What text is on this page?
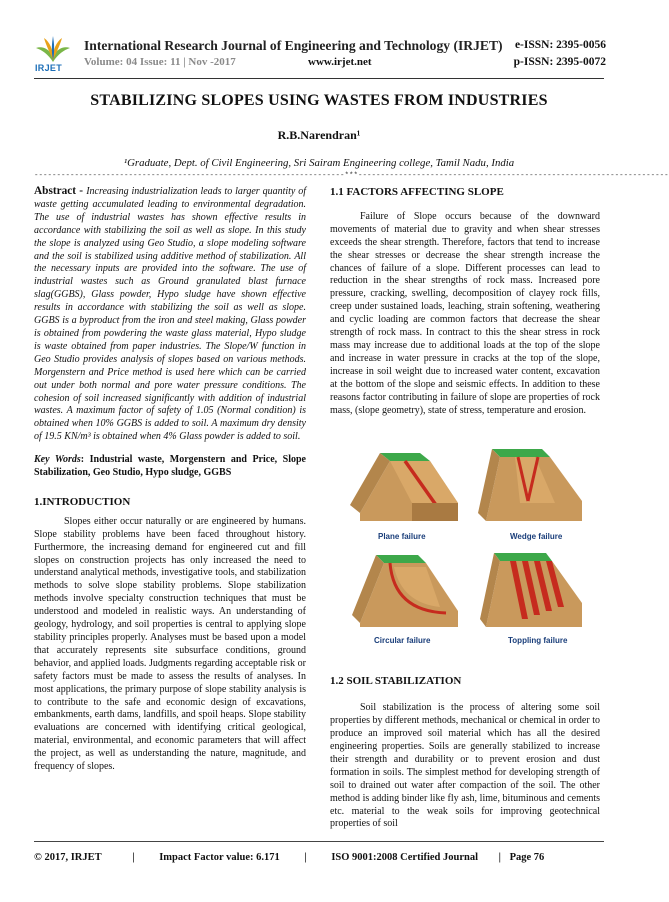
IRJET
International Research Journal of Engineering and Technology (IRJET) e-ISSN: 2395-0056
Volume: 04 Issue: 11 | Nov -2017	www.irjet.net	p-ISSN: 2395-0072
STABILIZING SLOPES USING WASTES FROM INDUSTRIES
R.B.Narendran¹
¹Graduate, Dept. of Civil Engineering, Sri Sairam Engineering college, Tamil Nadu, India
---------------------------------------------------------------------***---------------------------------------------------------------------
Abstract - Increasing industrialization leads to larger quantity of waste getting accumulated leading to environmental degradation. The use of industrial wastes has shown effective results in accordance with stabilizing the soil as well as slope. In this study the slope is analyzed using Geo Studio, a slope modeling software and the soil is stabilized using additive method of stabilization. All the necessary inputs are provided into the software. The use of industrial wastes such as Ground granulated blast furnace slag(GGBS), Glass powder, Hypo sludge have shown effective results in accordance with stabilizing the soil as well as slope. GGBS is a byproduct from the iron and steel making, Glass powder is obtained from powdering the waste glass material, Hypo sludge is waste obtained from paper industries. The Slope/W function in Geo Studio provides analysis of slopes based on various methods. Morgenstern and Price method is used here which can be carried out under both normal and pore water pressure conditions. The cohesion of soil increased significantly with addition of industrial wastes. A maximum factor of safety of 1.05 (Normal condition) is obtained when 10% GGBS is added to soil. A maximum dry density of 19.5 KN/m³ is obtained when 4% Glass powder is added to soil.
Key Words: Industrial waste, Morgenstern and Price, Slope Stabilization, Geo Studio, Hypo sludge, GGBS
1.INTRODUCTION
Slopes either occur naturally or are engineered by humans. Slope stability problems have been faced throughout history. Furthermore, the increasing demand for engineered cut and fill slopes on construction projects has only increased the need to understand analytical methods, investigative tools, and stabilization methods to solve slope stability problems. Slope stabilization methods involve specialty construction techniques that must be understood and modeled in realistic ways. An understanding of geology, hydrology, and soil properties is central to applying slope stability principles properly. Analyses must be based upon a model that accurately represents site subsurface conditions, ground behavior, and applied loads. Judgments regarding acceptable risk or safety factors must be made to assess the results of analyses. In most applications, the primary purpose of slope stability analysis is to contribute to the safe and economic design of excavations, embankments, earth dams, landfills, and spoil heaps. Slope stability evaluations are concerned with identifying critical geological, material, environmental, and economic parameters that will affect the project, as well as understanding the nature, magnitude, and frequency of slopes.
1.1 FACTORS AFFECTING SLOPE
Failure of Slope occurs because of the downward movements of material due to gravity and when shear stresses exceeds the shear strength. Therefore, factors that tend to increase the shear stresses or decrease the shear strength increase the chances of failure of a slope. Different processes can lead to reduction in the shear strengths of rock mass. Increased pore pressure, cracking, swelling, decomposition of clayey rock fills, creep under sustained loads, leaching, strain softening, weathering and cyclic loading are common factors that decrease the shear strength of rock mass. In contract to this the shear stress in rock mass may increase due to additional loads at the top of the slope and increase in water pressure in cracks at the top of the slope, increase in soil weight due to increased water content, excavation at the bottom of the slope and seismic effects. In addition to these reasons factor contributing in failure of slope are properties of rock mass, (slope geometry), state of stress, temperature and erosion.
Plane failure	Wedge failure
Circular failure	Toppling failure
1.2 SOIL STABILIZATION
Soil stabilization is the process of altering some soil properties by different methods, mechanical or chemical in order to produce an improved soil material which has all the desired engineering properties. Soils are generally stabilized to increase their strength and durability or to prevent erosion and dust formation in soils. The simplest method for developing strength of soil to drained out water after compaction of the soil. The other method is adding binder like fly ash, lime, bituminous and cements etc. material to the weak soils for improving geotechnical properties of soil
© 2017, IRJET	| Impact Factor value: 6.171 | ISO 9001:2008 Certified Journal | Page 76
